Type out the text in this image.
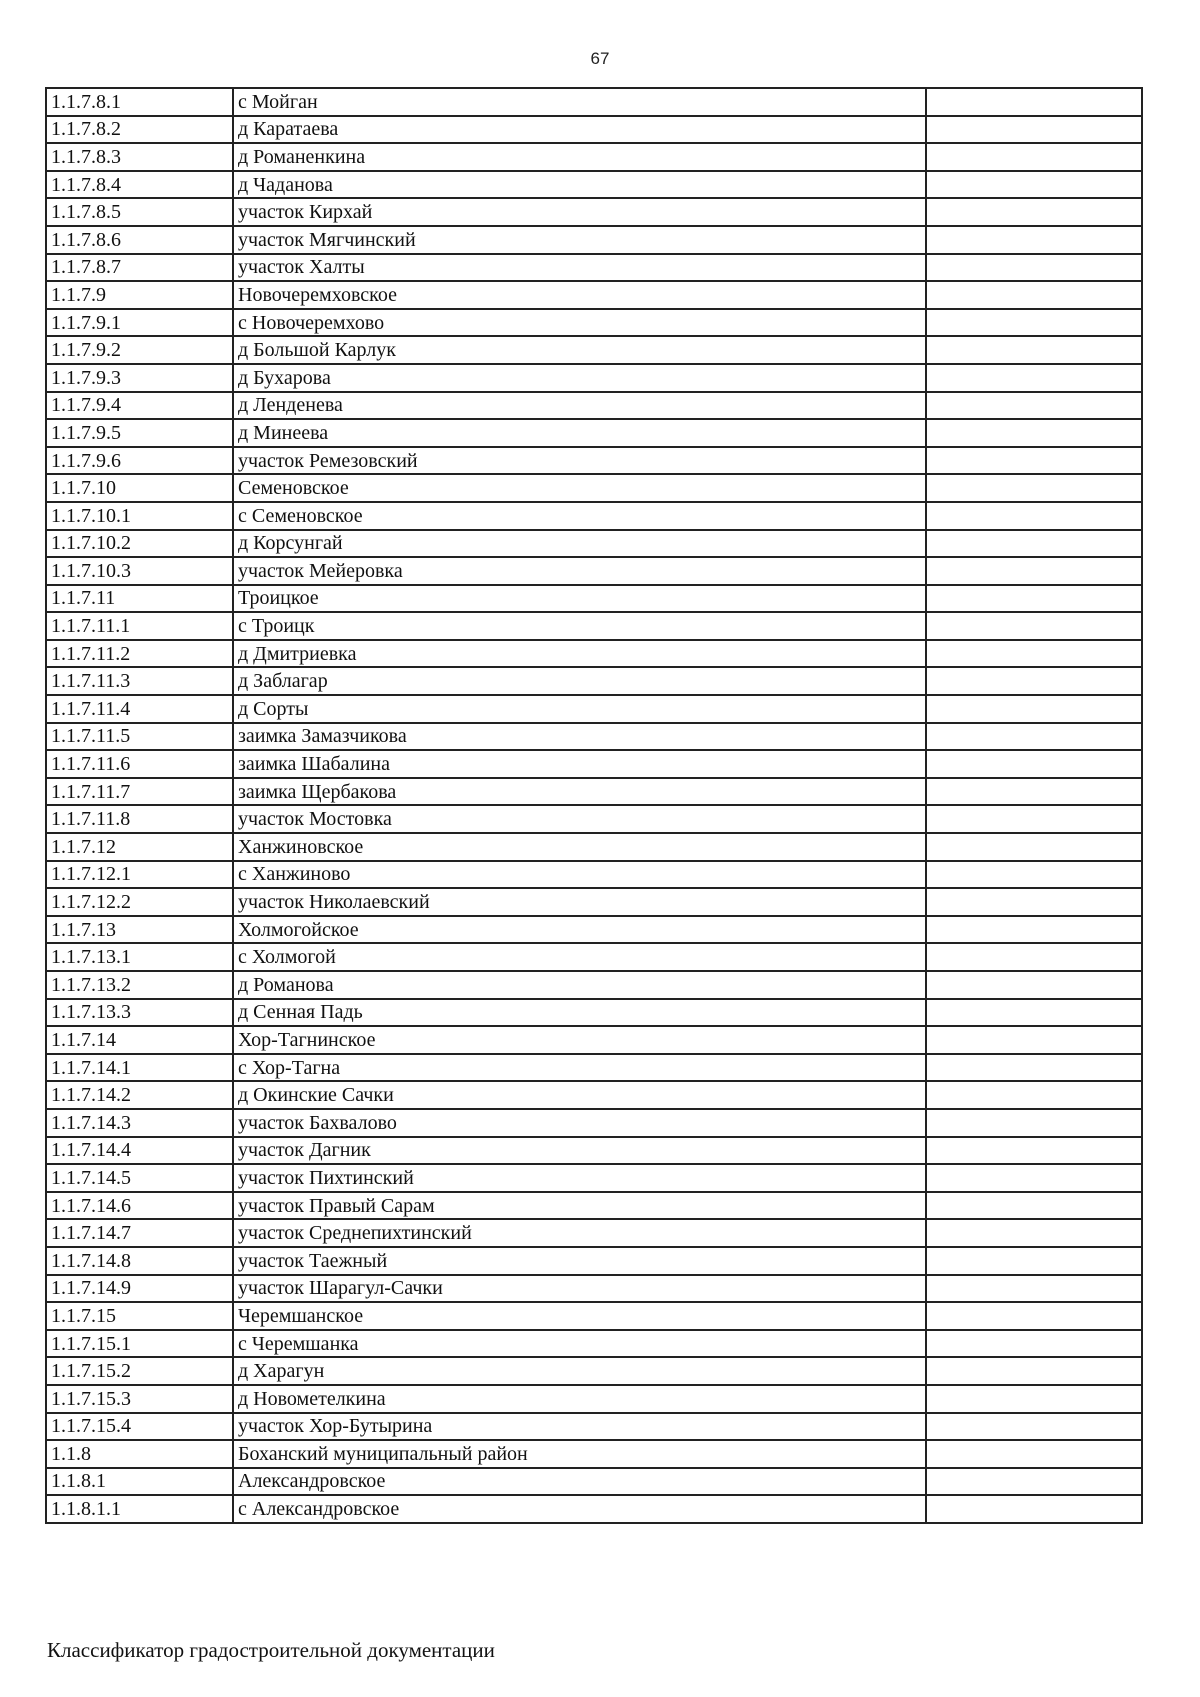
67
1.1.7.8.1	с Мойган	
1.1.7.8.2	д Каратаева	
1.1.7.8.3	д Романенкина	
1.1.7.8.4	д Чаданова	
1.1.7.8.5	участок Кирхай	
1.1.7.8.6	участок Мягчинский	
1.1.7.8.7	участок Халты	
1.1.7.9	Новочеремховское	
1.1.7.9.1	с Новочеремхово	
1.1.7.9.2	д Большой Карлук	
1.1.7.9.3	д Бухарова	
1.1.7.9.4	д Ленденева	
1.1.7.9.5	д Минеева	
1.1.7.9.6	участок Ремезовский	
1.1.7.10	Семеновское	
1.1.7.10.1	с Семеновское	
1.1.7.10.2	д Корсунгай	
1.1.7.10.3	участок Мейеровка	
1.1.7.11	Троицкое	
1.1.7.11.1	с Троицк	
1.1.7.11.2	д Дмитриевка	
1.1.7.11.3	д Заблагар	
1.1.7.11.4	д Сорты	
1.1.7.11.5	заимка Замазчикова	
1.1.7.11.6	заимка Шабалина	
1.1.7.11.7	заимка Щербакова	
1.1.7.11.8	участок Мостовка	
1.1.7.12	Ханжиновское	
1.1.7.12.1	с Ханжиново	
1.1.7.12.2	участок Николаевский	
1.1.7.13	Холмогойское	
1.1.7.13.1	с Холмогой	
1.1.7.13.2	д Романова	
1.1.7.13.3	д Сенная Падь	
1.1.7.14	Хор-Тагнинское	
1.1.7.14.1	с Хор-Тагна	
1.1.7.14.2	д Окинские Сачки	
1.1.7.14.3	участок Бахвалово	
1.1.7.14.4	участок Дагник	
1.1.7.14.5	участок Пихтинский	
1.1.7.14.6	участок Правый Сарам	
1.1.7.14.7	участок Среднепихтинский	
1.1.7.14.8	участок Таежный	
1.1.7.14.9	участок Шарагул-Сачки	
1.1.7.15	Черемшанское	
1.1.7.15.1	с Черемшанка	
1.1.7.15.2	д Харагун	
1.1.7.15.3	д Новометелкина	
1.1.7.15.4	участок Хор-Бутырина	
1.1.8	Боханский муниципальный район	
1.1.8.1	Александровское	
1.1.8.1.1	с Александровское	
Классификатор градостроительной документации
